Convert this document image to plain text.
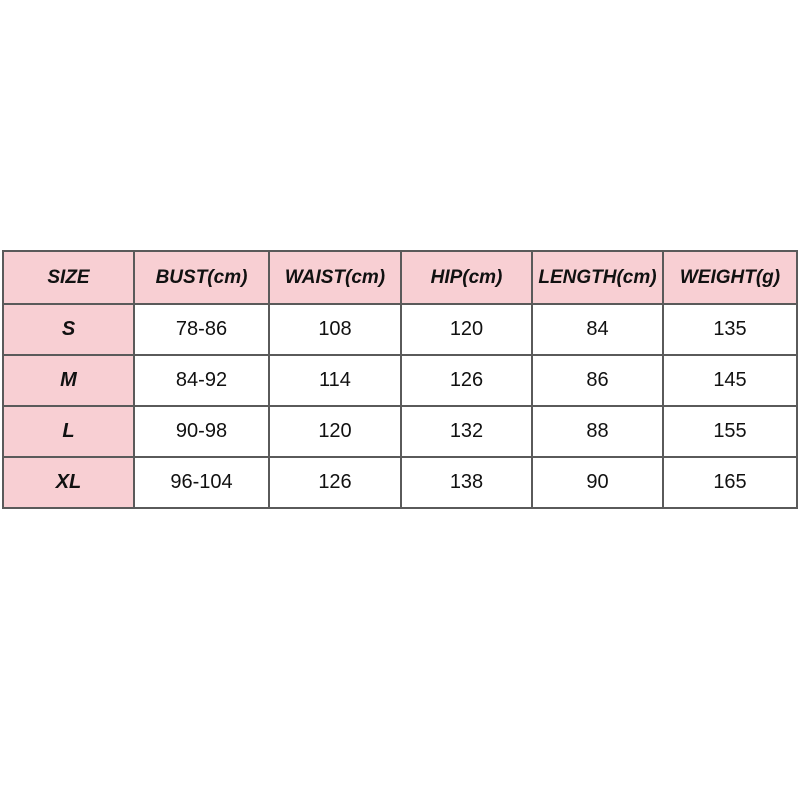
SIZE	BUST(cm)	WAIST(cm)	HIP(cm)	LENGTH(cm)	WEIGHT(g)
S	78-86	108	120	84	135
M	84-92	114	126	86	145
L	90-98	120	132	88	155
XL	96-104	126	138	90	165
